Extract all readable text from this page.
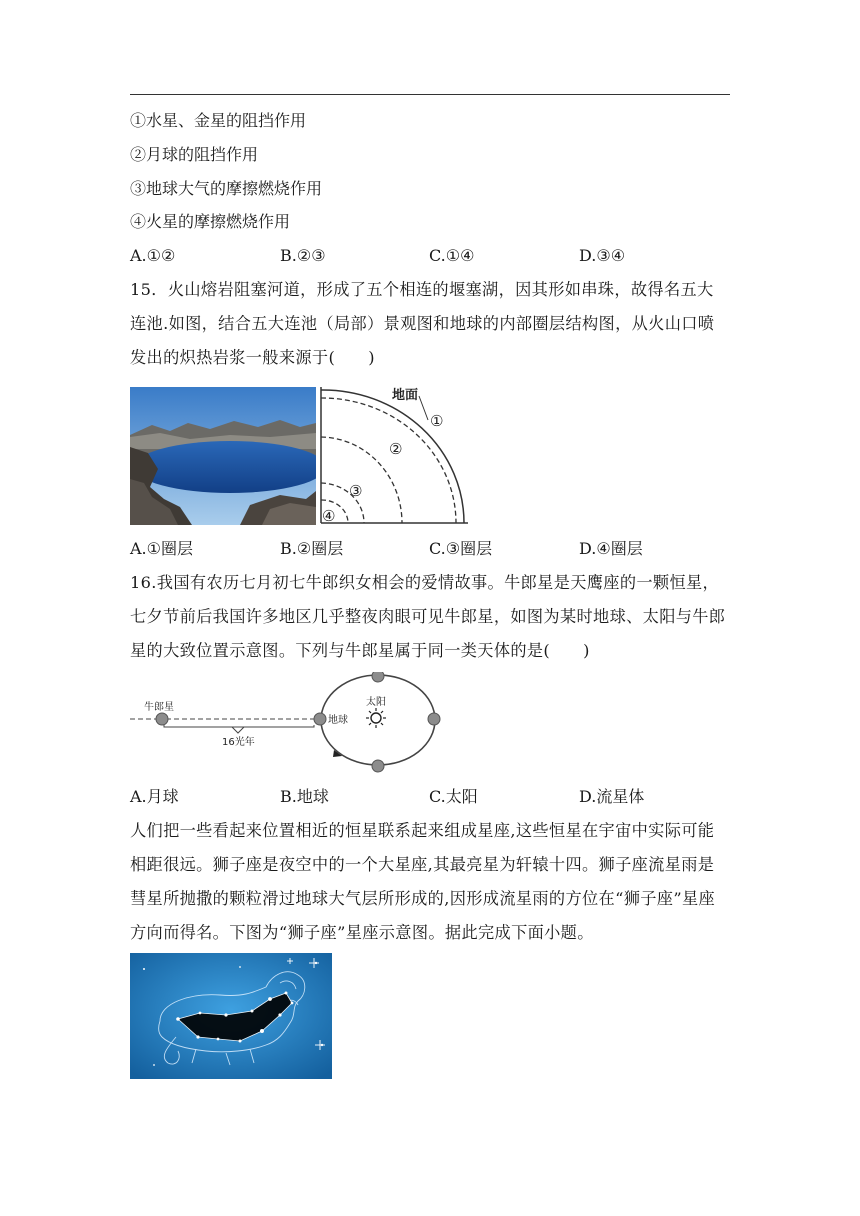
①水星、金星的阻挡作用
②月球的阻挡作用
③地球大气的摩擦燃烧作用
④火星的摩擦燃烧作用
A.①②	B.②③	C.①④	D.③④
15．火山熔岩阻塞河道，形成了五个相连的堰塞湖，因其形如串珠，故得名五大连池.如图，结合五大连池（局部）景观图和地球的内部圈层结构图，从火山口喷发出的炽热岩浆一般来源于(　　)
地面
①
②
③
④
A.①圈层	B.②圈层	C.③圈层	D.④圈层
16.我国有农历七月初七牛郎织女相会的爱情故事。牛郎星是天鹰座的一颗恒星，七夕节前后我国许多地区几乎整夜肉眼可见牛郎星，如图为某时地球、太阳与牛郎星的大致位置示意图。下列与牛郎星属于同一类天体的是(　　)
牛郎星
地球
太阳
16光年
A.月球	B.地球	C.太阳	D.流星体
人们把一些看起来位置相近的恒星联系起来组成星座,这些恒星在宇宙中实际可能相距很远。狮子座是夜空中的一个大星座,其最亮星为轩辕十四。狮子座流星雨是彗星所抛撒的颗粒滑过地球大气层所形成的,因形成流星雨的方位在“狮子座”星座方向而得名。下图为“狮子座”星座示意图。据此完成下面小题。
